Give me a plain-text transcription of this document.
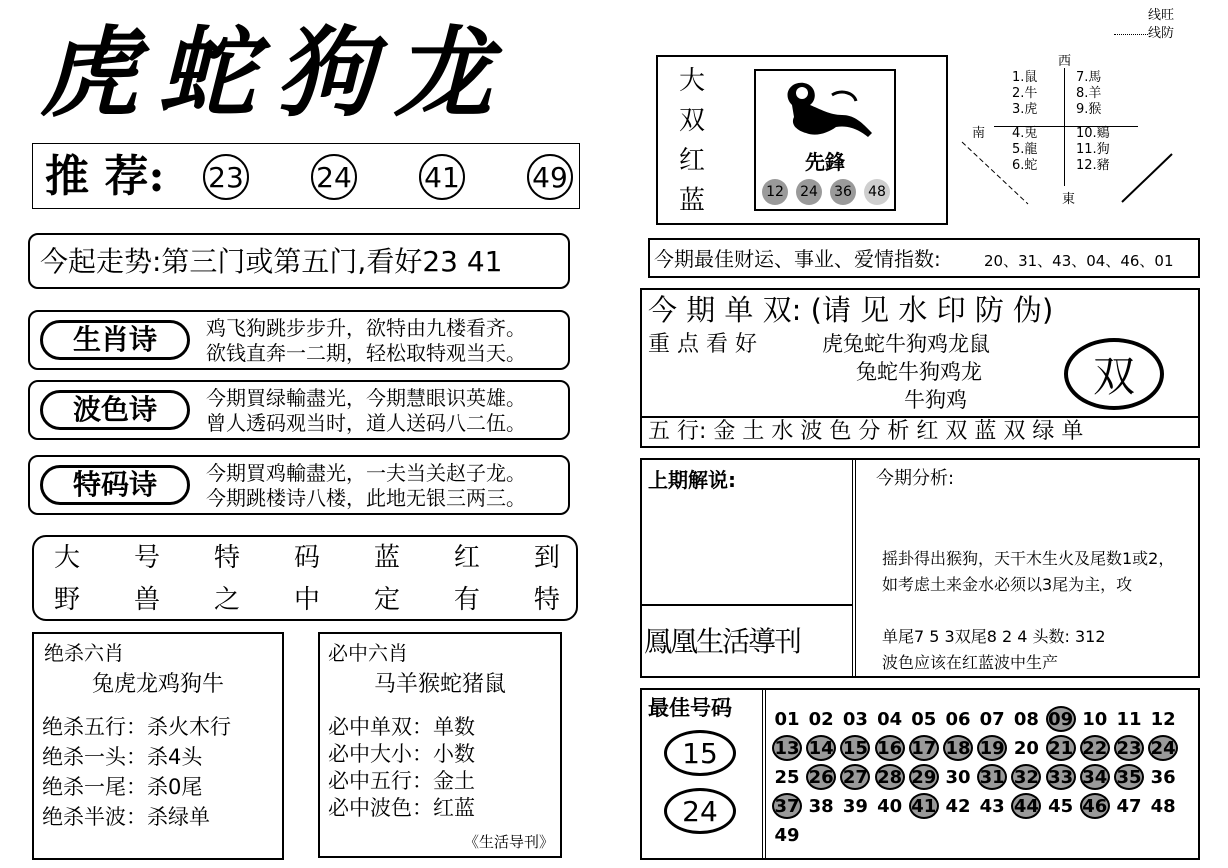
虎蛇狗龙
推 荐: 23	24	41	49
今起走势:第三门或第五门,看好23 41
生肖诗	鸡飞狗跳步步升，欲特由九楼看齐。
欲钱直奔一二期，轻松取特观当天。
波色诗	今期買绿輸盡光，今期慧眼识英雄。
曾人透码观当时，道人送码八二伍。
特码诗	今期買鸡輸盡光，一夫当关赵子龙。
今期跳楼诗八楼，此地无银三两三。
大 号 特 码 蓝 红 到
野 兽 之 中 定 有 特
绝杀六肖
兔虎龙鸡狗牛
绝杀五行：杀火木行
绝杀一头：杀4头
绝杀一尾：杀0尾
绝杀半波：杀绿单
必中六肖
马羊猴蛇猪鼠
必中单双：单数
必中大小：小数
必中五行：金土
必中波色：红蓝
《生活导刊》
大
双
红
蓝
先鋒
12 24 36 48
线旺
线防
西
南
東
1.鼠
2.牛
3.虎
4.兎
5.龍
6.蛇
7.馬
8.羊
9.猴
10.鷄
11.狗
12.豬
今期最佳财运、事业、爱情指数:	20、31、43、04、46、01
今 期 单 双: (请 见 水 印 防 伪)
重 点 看 好	虎兔蛇牛狗鸡龙鼠
兔蛇牛狗鸡龙
牛狗鸡	双
五 行: 金 土 水 波 色 分 析 红 双 蓝 双 绿 单
上期解说:
鳳凰生活導刊
今期分析:
摇卦得出猴狗，天干木生火及尾数1或2，如考虑土来金水必须以3尾为主，攻
单尾7 5 3双尾8 2 4 头数: 312
波色应该在红蓝波中生产
最佳号码
15
24
01 02 03 04 05 06 07 08 09 10 11 12
13 14 15 16 17 18 19 20 21 22 23 24
25 26 27 28 29 30 31 32 33 34 35 36
37 38 39 40 41 42 43 44 45 46 47 48
49
